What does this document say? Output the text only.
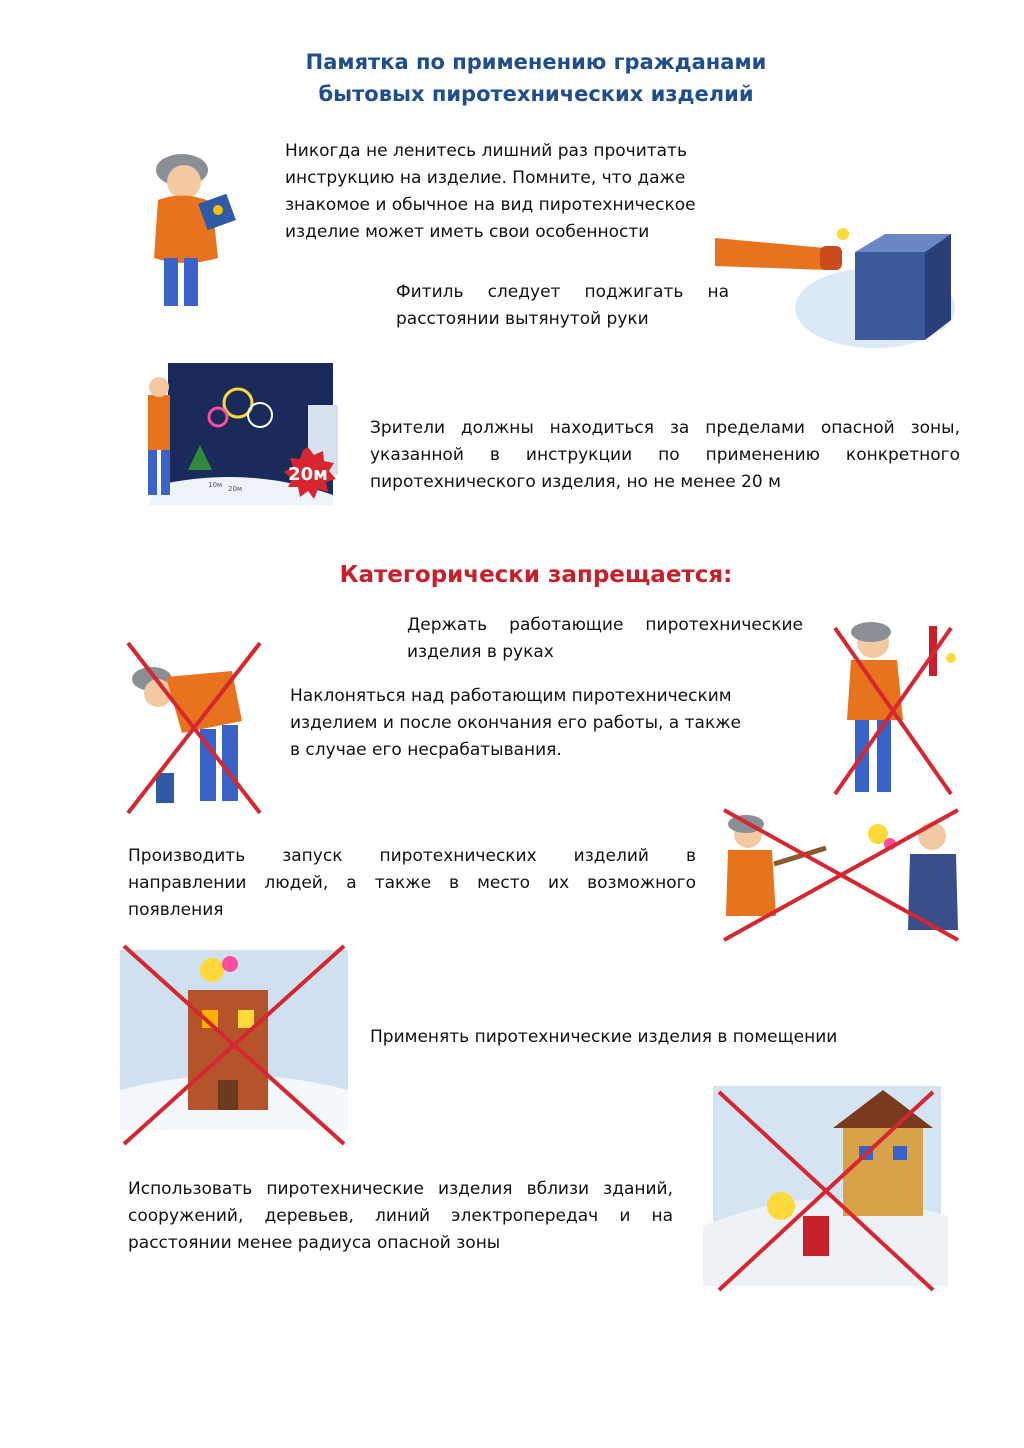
Памятка по применению гражданами
бытовых пиротехнических изделий
Никогда не ленитесь лишний раз прочитать
инструкцию на изделие. Помните, что даже
знакомое и обычное на вид пиротехническое
изделие может иметь свои особенности
Фитиль следует поджигать на
расстоянии вытянутой руки
10м 20м
20м
Зрители должны находиться за пределами опасной зоны,
указанной в инструкции по применению конкретного
пиротехнического изделия, но не менее 20 м
Категорически запрещается:
Держать работающие пиротехнические
изделия в руках
Наклоняться над работающим пиротехническим
изделием и после окончания его работы, а также
в случае его несрабатывания.
Производить запуск пиротехнических изделий в
направлении людей, а также в место их возможного
появления
Применять пиротехнические изделия в помещении
Использовать пиротехнические изделия вблизи зданий,
сооружений, деревьев, линий электропередач и на
расстоянии менее радиуса опасной зоны
